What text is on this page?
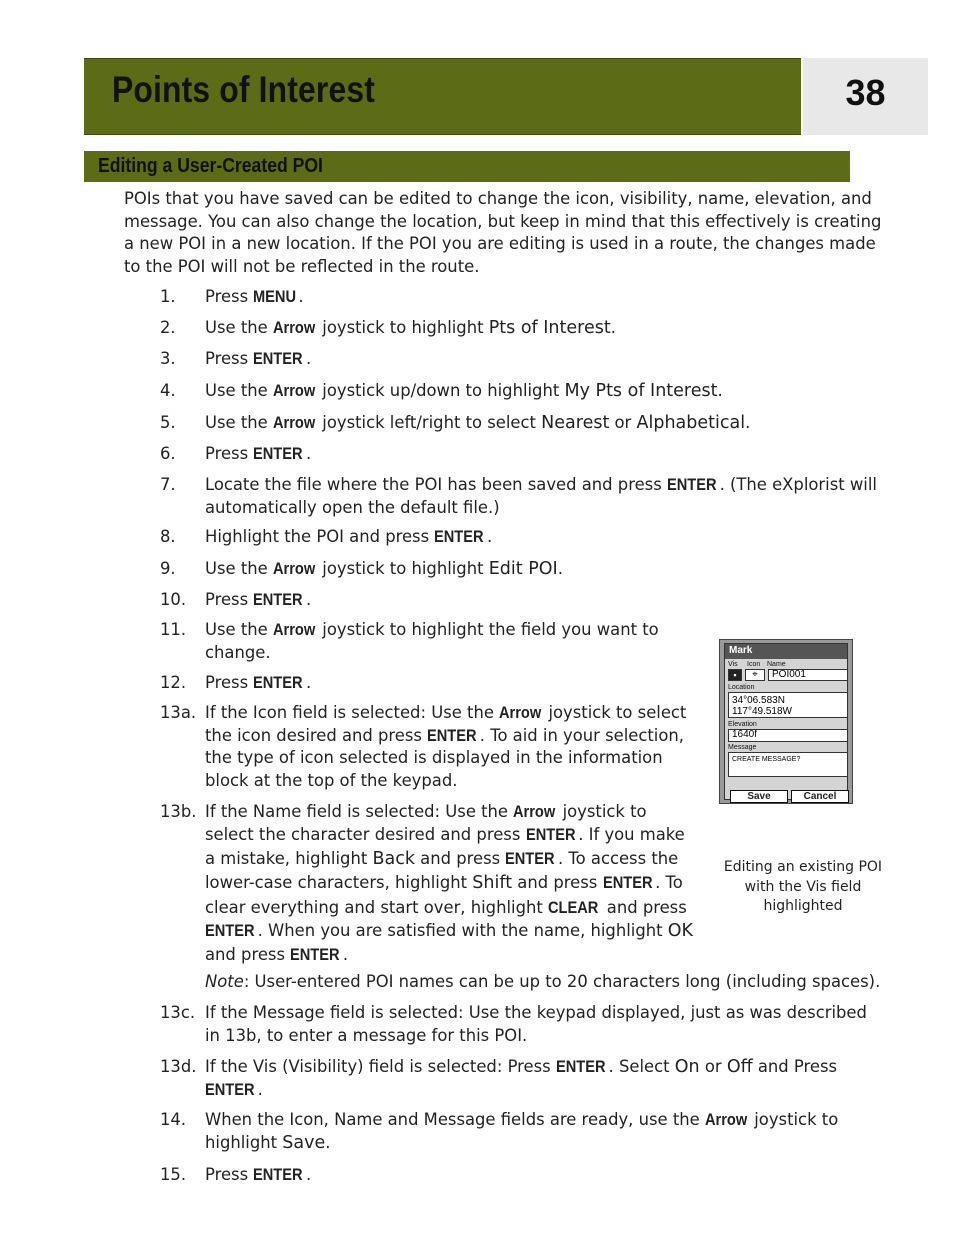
Points of Interest	38
Editing a User-Created POI
POIs that you have saved can be edited to change the icon, visibility, name, elevation, and message. You can also change the location, but keep in mind that this effectively is creating a new POI in a new location. If the POI you are editing is used in a route, the changes made to the POI will not be reflected in the route.
1. Press MENU .
2. Use the Arrow joystick to highlight Pts of Interest.
3. Press ENTER .
4. Use the Arrow joystick up/down to highlight My Pts of Interest.
5. Use the Arrow joystick left/right to select Nearest or Alphabetical.
6. Press ENTER .
7. Locate the file where the POI has been saved and press ENTER . (The eXplorist will
automatically open the default file.)
8. Highlight the POI and press ENTER .
9. Use the Arrow joystick to highlight Edit POI.
10. Press ENTER .
11. Use the Arrow joystick to highlight the field you want to
change.
12. Press ENTER .
13a. If the Icon field is selected: Use the Arrow joystick to select
the icon desired and press ENTER . To aid in your selection,
the type of icon selected is displayed in the information
block at the top of the keypad.
13b. If the Name field is selected: Use the Arrow joystick to
select the character desired and press ENTER . If you make
a mistake, highlight Back and press ENTER . To access the
lower-case characters, highlight Shift and press ENTER . To
clear everything and start over, highlight CLEAR and press
ENTER . When you are satisfied with the name, highlight OK
and press ENTER .
Note: User-entered POI names can be up to 20 characters long (including spaces).
13c. If the Message field is selected: Use the keypad displayed, just as was described
in 13b, to enter a message for this POI.
13d. If the Vis (Visibility) field is selected: Press ENTER . Select On or Off and Press
ENTER .
14. When the Icon, Name and Message fields are ready, use the Arrow joystick to
highlight Save.
15. Press ENTER .
Mark
Vis Icon Name
▪	⌖	POI001
Location
34°06.583N
117°49.518W
Elevation
1640f
Message
CREATE MESSAGE?
Save	Cancel
Editing an existing POI
with the Vis field
highlighted
